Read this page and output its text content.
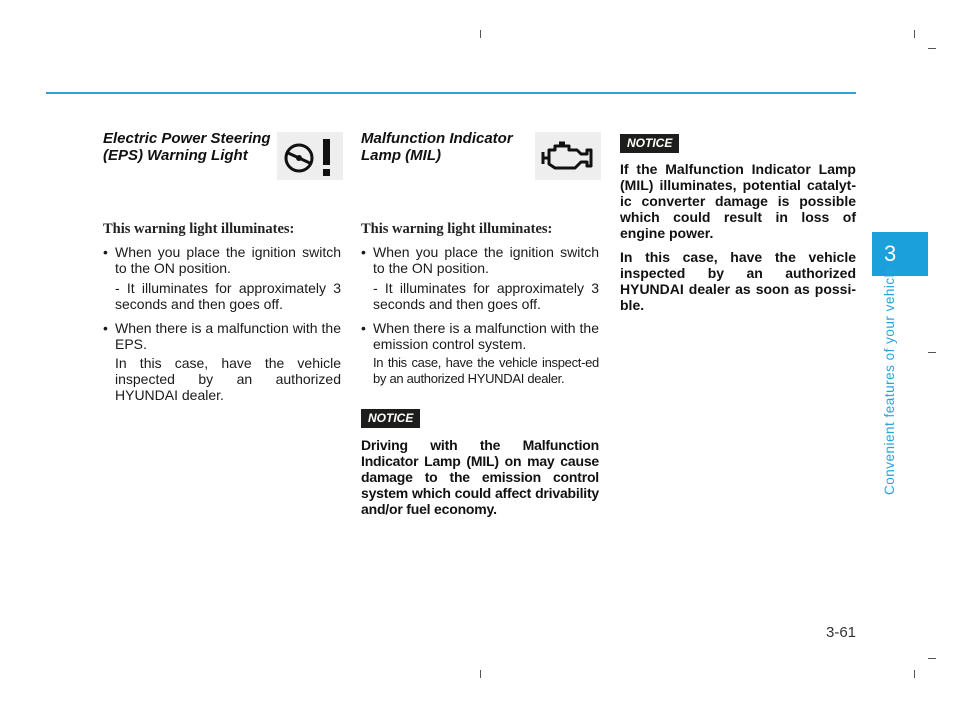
Electric Power Steering
(EPS) Warning Light

This warning light illuminates:

• When you place the ignition switch to the ON position.
- It illuminates for approximately 3 seconds and then goes off.
• When there is a malfunction with the EPS.
In this case, have the vehicle inspected by an authorized HYUNDAI dealer.
Malfunction Indicator
Lamp (MIL)

This warning light illuminates:

• When you place the ignition switch to the ON position.
- It illuminates for approximately 3 seconds and then goes off.
• When there is a malfunction with the emission control system.
In this case, have the vehicle inspect-ed by an authorized HYUNDAI dealer.
NOTICE
Driving with the Malfunction Indicator Lamp (MIL) on may cause damage to the emission control system which could affect drivability and/or fuel economy.
NOTICE
If the Malfunction Indicator Lamp (MIL) illuminates, potential catalyt-ic converter damage is possible which could result in loss of engine power.
In this case, have the vehicle inspected by an authorized HYUNDAI dealer as soon as possi-ble.
3
Convenient features of your vehicle
3-61
